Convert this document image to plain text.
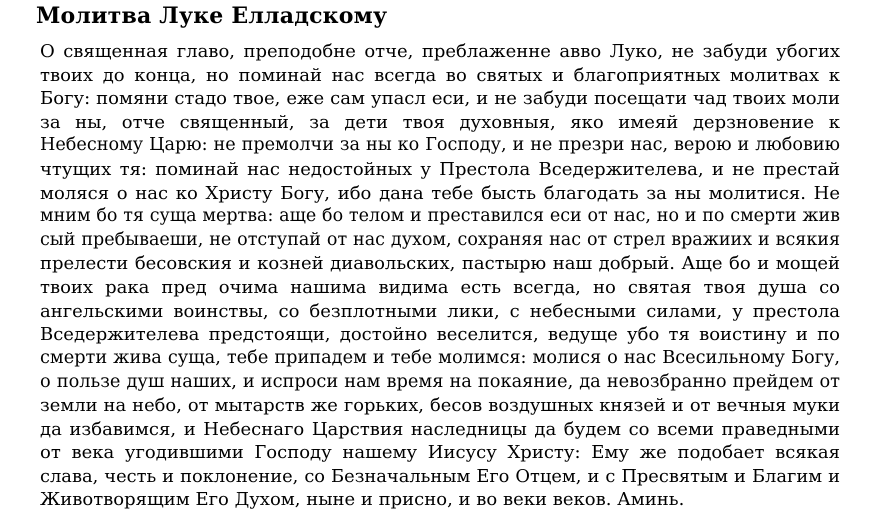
Молитва Луке Елладскому
О священная главо, преподобне отче, преблаженне авво Луко, не забуди убогих
твоих до конца, но поминай нас всегда во святых и благоприятных молитвах к
Богу: помяни стадо твое, еже сам упасл еси, и не забуди посещати чад твоих моли
за ны, отче священный, за дети твоя духовныя, яко имеяй дерзновение к
Небесному Царю: не премолчи за ны ко Господу, и не презри нас, верою и любовию
чтущих тя: поминай нас недостойных у Престола Вседержителева, и не престай
моляся о нас ко Христу Богу, ибо дана тебе бысть благодать за ны молитися. Не
мним бо тя суща мертва: аще бо телом и преставился еси от нас, но и по смерти жив
сый пребываеши, не отступай от нас духом, сохраняя нас от стрел вражиих и всякия
прелести бесовския и козней диавольских, пастырю наш добрый. Аще бо и мощей
твоих рака пред очима нашима видима есть всегда, но святая твоя душа со
ангельскими воинствы, со безплотными лики, с небесными силами, у престола
Вседержителева предстоящи, достойно веселится, ведуще убо тя воистину и по
смерти жива суща, тебе припадем и тебе молимся: молися о нас Всесильному Богу,
о пользе душ наших, и испроси нам время на покаяние, да невозбранно прейдем от
земли на небо, от мытарств же горьких, бесов воздушных князей и от вечныя муки
да избавимся, и Небеснаго Царствия наследницы да будем со всеми праведными
от века угодившими Господу нашему Иисусу Христу: Ему же подобает всякая
слава, честь и поклонение, со Безначальным Его Отцем, и с Пресвятым и Благим и
Животворящим Его Духом, ныне и присно, и во веки веков. Аминь.
